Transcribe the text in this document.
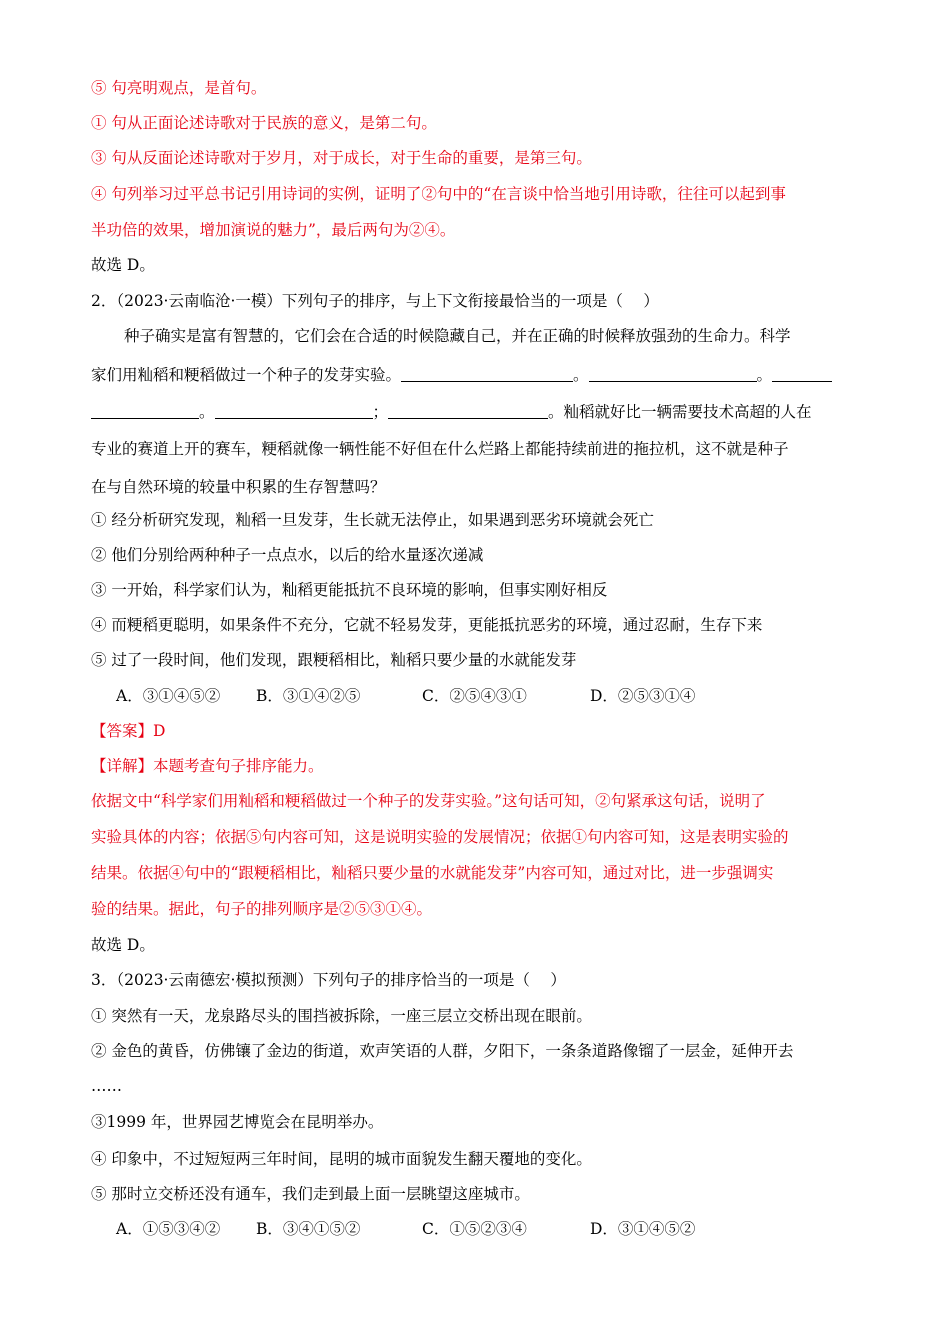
⑤ 句亮明观点，是首句。
① 句从正面论述诗歌对于民族的意义，是第二句。
③ 句从反面论述诗歌对于岁月，对于成长，对于生命的重要，是第三句。
④ 句列举习过平总书记引用诗词的实例，证明了②句中的“在言谈中恰当地引用诗歌，往往可以起到事
半功倍的效果，增加演说的魅力”，最后两句为②④。
故选 D。
2．（2023·云南临沧·一模）下列句子的排序，与上下文衔接最恰当的一项是（　 ）
种子确实是富有智慧的，它们会在合适的时候隐藏自己，并在正确的时候释放强劲的生命力。科学
家们用籼稻和粳稻做过一个种子的发芽实验。	。	。
。	；	。籼稻就好比一辆需要技术高超的人在
专业的赛道上开的赛车，粳稻就像一辆性能不好但在什么烂路上都能持续前进的拖拉机，这不就是种子
在与自然环境的较量中积累的生存智慧吗？
① 经分析研究发现，籼稻一旦发芽，生长就无法停止，如果遇到恶劣环境就会死亡
② 他们分别给两种种子一点点水，以后的给水量逐次递减
③ 一开始，科学家们认为，籼稻更能抵抗不良环境的影响，但事实刚好相反
④ 而粳稻更聪明，如果条件不充分，它就不轻易发芽，更能抵抗恶劣的环境，通过忍耐，生存下来
⑤ 过了一段时间，他们发现，跟粳稻相比，籼稻只要少量的水就能发芽
A．③①④⑤②	B．③①④②⑤	C．②⑤④③①	D．②⑤③①④
【答案】D
【详解】本题考查句子排序能力。
依据文中“科学家们用籼稻和粳稻做过一个种子的发芽实验。”这句话可知，②句紧承这句话，说明了
实验具体的内容；依据⑤句内容可知，这是说明实验的发展情况；依据①句内容可知，这是表明实验的
结果。依据④句中的“跟粳稻相比，籼稻只要少量的水就能发芽”内容可知，通过对比，进一步强调实
验的结果。据此，句子的排列顺序是②⑤③①④。
故选 D。
3．（2023·云南德宏·模拟预测）下列句子的排序恰当的一项是（　 ）
① 突然有一天，龙泉路尽头的围挡被拆除，一座三层立交桥出现在眼前。
② 金色的黄昏，仿佛镶了金边的街道，欢声笑语的人群，夕阳下，一条条道路像镏了一层金，延伸开去
……
③1999 年，世界园艺博览会在昆明举办。
④ 印象中，不过短短两三年时间，昆明的城市面貌发生翻天覆地的变化。
⑤ 那时立交桥还没有通车，我们走到最上面一层眺望这座城市。
A．①⑤③④②	B．③④①⑤②	C．①⑤②③④	D．③①④⑤②
